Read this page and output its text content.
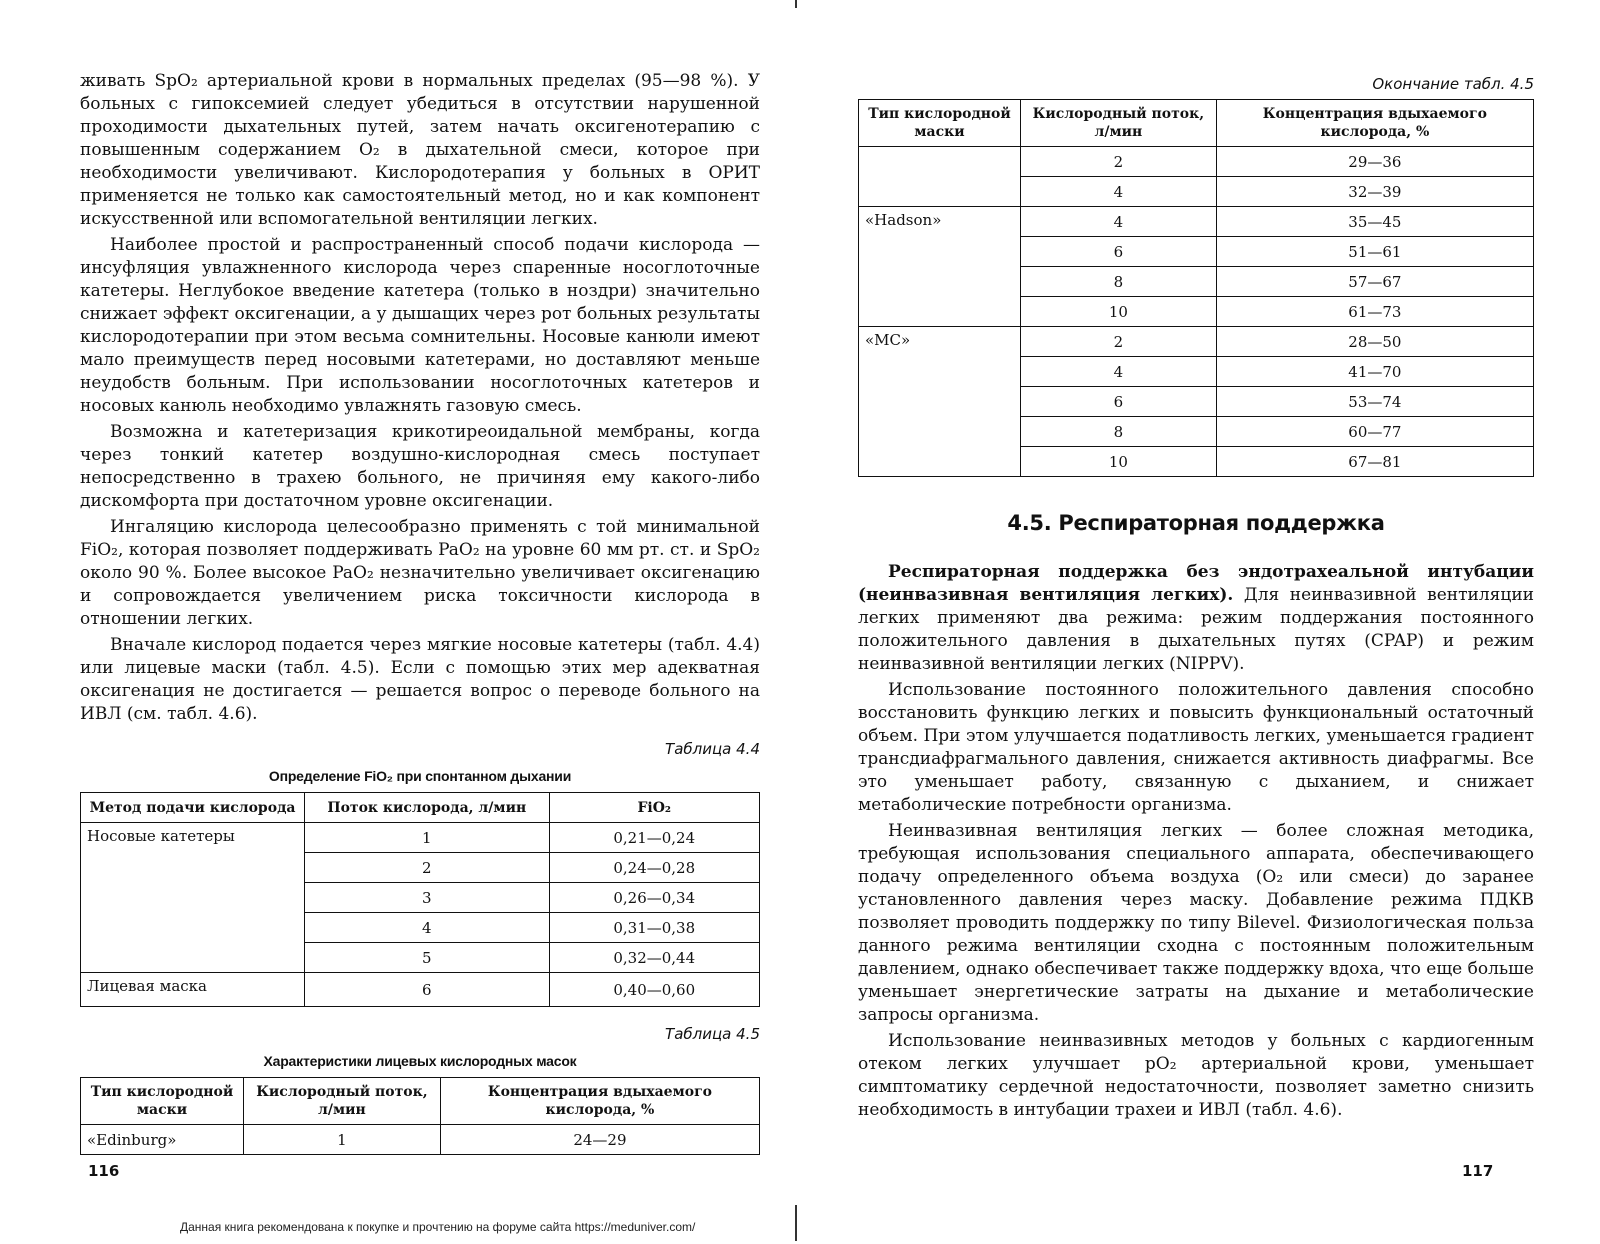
живать SpO₂ артериальной крови в нормальных пределах (95—98 %). У больных с гипоксемией следует убедиться в отсутствии нарушенной проходимости дыхательных путей, затем начать оксигенотерапию с повышенным содержанием O₂ в дыхательной смеси, которое при необходимости увеличивают. Кислородотерапия у больных в ОРИТ применяется не только как самостоятельный метод, но и как компонент искусственной или вспомогательной вентиляции легких.

Наиболее простой и распространенный способ подачи кислорода — инсуфляция увлажненного кислорода через спаренные носоглоточные катетеры. Неглубокое введение катетера (только в ноздри) значительно снижает эффект оксигенации, а у дышащих через рот больных результаты кислородотерапии при этом весьма сомнительны. Носовые канюли имеют мало преимуществ перед носовыми катетерами, но доставляют меньше неудобств больным. При использовании носоглоточных катетеров и носовых канюль необходимо увлажнять газовую смесь.

Возможна и катетеризация крикотиреоидальной мембраны, когда через тонкий катетер воздушно-кислородная смесь поступает непосредственно в трахею больного, не причиняя ему какого-либо дискомфорта при достаточном уровне оксигенации.

Ингаляцию кислорода целесообразно применять с той минимальной FiO₂, которая позволяет поддерживать PaO₂ на уровне 60 мм рт. ст. и SpO₂ около 90 %. Более высокое PaO₂ незначительно увеличивает оксигенацию и сопровождается увеличением риска токсичности кислорода в отношении легких.

Вначале кислород подается через мягкие носовые катетеры (табл. 4.4) или лицевые маски (табл. 4.5). Если с помощью этих мер адекватная оксигенация не достигается — решается вопрос о переводе больного на ИВЛ (см. табл. 4.6).

Таблица 4.4
Определение FiO₂ при спонтанном дыхании
Метод подачи кислорода	Поток кислорода, л/мин	FiO₂
Носовые катетеры	1	0,21—0,24
	2	0,24—0,28
	3	0,26—0,34
	4	0,31—0,38
	5	0,32—0,44
Лицевая маска	6	0,40—0,60
Таблица 4.5
Характеристики лицевых кислородных масок
Тип кислородной маски	Кислородный поток, л/мин	Концентрация вдыхаемого кислорода, %
«Edinburg»	1	24—29
116
Окончание табл. 4.5
Тип кислородной маски	Кислородный поток, л/мин	Концентрация вдыхаемого кислорода, %
	2	29—36
	4	32—39
«Hadson»	4	35—45
	6	51—61
	8	57—67
	10	61—73
«МС»	2	28—50
	4	41—70
	6	53—74
	8	60—77
	10	67—81
4.5. Респираторная поддержка

Респираторная поддержка без эндотрахеальной интубации (неинвазивная вентиляция легких). Для неинвазивной вентиляции легких применяют два режима: режим поддержания постоянного положительного давления в дыхательных путях (CPAP) и режим неинвазивной вентиляции легких (NIPPV).

Использование постоянного положительного давления способно восстановить функцию легких и повысить функциональный остаточный объем. При этом улучшается податливость легких, уменьшается градиент трансдиафрагмального давления, снижается активность диафрагмы. Все это уменьшает работу, связанную с дыханием, и снижает метаболические потребности организма.

Неинвазивная вентиляция легких — более сложная методика, требующая использования специального аппарата, обеспечивающего подачу определенного объема воздуха (O₂ или смеси) до заранее установленного давления через маску. Добавление режима ПДКВ позволяет проводить поддержку по типу Bilevel. Физиологическая польза данного режима вентиляции сходна с постоянным положительным давлением, однако обеспечивает также поддержку вдоха, что еще больше уменьшает энергетические затраты на дыхание и метаболические запросы организма.

Использование неинвазивных методов у больных с кардиогенным отеком легких улучшает pO₂ артериальной крови, уменьшает симптоматику сердечной недостаточности, позволяет заметно снизить необходимость в интубации трахеи и ИВЛ (табл. 4.6).

117
Данная книга рекомендована к покупке и прочтению на форуме сайта https://meduniver.com/
